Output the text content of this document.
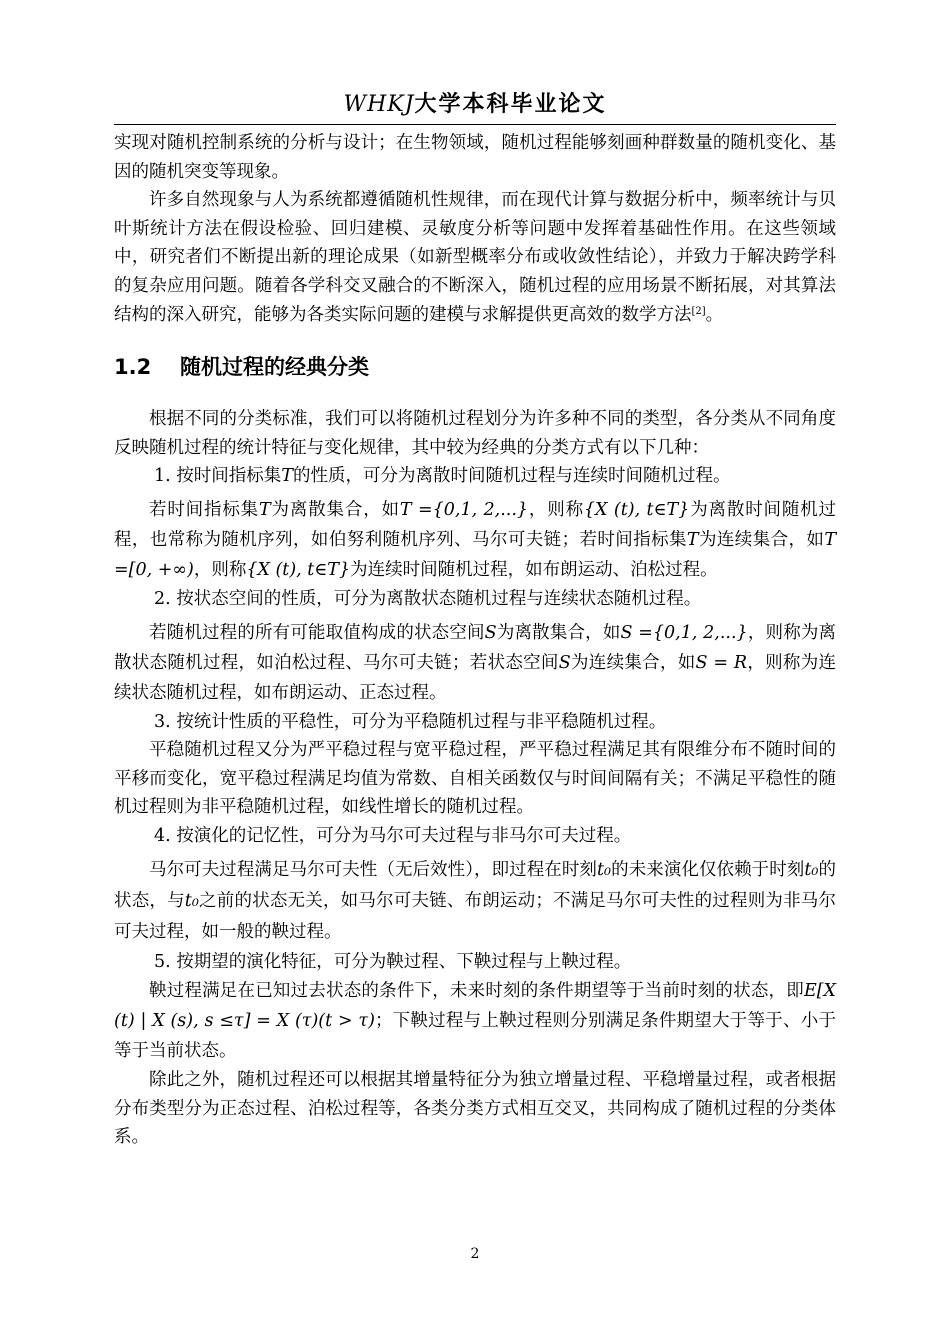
WHKJ大学本科毕业论文

实现对随机控制系统的分析与设计；在生物领域，随机过程能够刻画种群数量的随机变化、基因的随机突变等现象。

许多自然现象与人为系统都遵循随机性规律，而在现代计算与数据分析中，频率统计与贝叶斯统计方法在假设检验、回归建模、灵敏度分析等问题中发挥着基础性作用。在这些领域中，研究者们不断提出新的理论成果（如新型概率分布或收敛性结论），并致力于解决跨学科的复杂应用问题。随着各学科交叉融合的不断深入，随机过程的应用场景不断拓展，对其算法结构的深入研究，能够为各类实际问题的建模与求解提供更高效的数学方法[2]。

1.2 随机过程的经典分类

根据不同的分类标准，我们可以将随机过程划分为许多种不同的类型，各分类从不同角度反映随机过程的统计特征与变化规律，其中较为经典的分类方式有以下几种：

1. 按时间指标集T的性质，可分为离散时间随机过程与连续时间随机过程。

若时间指标集T为离散集合，如T ={0,1, 2,...}，则称{X (t), t∈T}为离散时间随机过程，也常称为随机序列，如伯努利随机序列、马尔可夫链；若时间指标集T为连续集合，如T =[0, +∞)，则称{X (t), t∈T}为连续时间随机过程，如布朗运动、泊松过程。

2. 按状态空间的性质，可分为离散状态随机过程与连续状态随机过程。

若随机过程的所有可能取值构成的状态空间S为离散集合，如S ={0,1, 2,...}，则称为离散状态随机过程，如泊松过程、马尔可夫链；若状态空间S为连续集合，如S = R，则称为连续状态随机过程，如布朗运动、正态过程。

3. 按统计性质的平稳性，可分为平稳随机过程与非平稳随机过程。

平稳随机过程又分为严平稳过程与宽平稳过程，严平稳过程满足其有限维分布不随时间的平移而变化，宽平稳过程满足均值为常数、自相关函数仅与时间间隔有关；不满足平稳性的随机过程则为非平稳随机过程，如线性增长的随机过程。

4. 按演化的记忆性，可分为马尔可夫过程与非马尔可夫过程。

马尔可夫过程满足马尔可夫性（无后效性），即过程在时刻t₀的未来演化仅依赖于时刻t₀的状态，与t₀之前的状态无关，如马尔可夫链、布朗运动；不满足马尔可夫性的过程则为非马尔可夫过程，如一般的鞅过程。

5. 按期望的演化特征，可分为鞅过程、下鞅过程与上鞅过程。

鞅过程满足在已知过去状态的条件下，未来时刻的条件期望等于当前时刻的状态，即E[X (t) | X (s), s ≤τ] = X (τ)(t > τ)；下鞅过程与上鞅过程则分别满足条件期望大于等于、小于等于当前状态。

除此之外，随机过程还可以根据其增量特征分为独立增量过程、平稳增量过程，或者根据分布类型分为正态过程、泊松过程等，各类分类方式相互交叉，共同构成了随机过程的分类体系。

2
